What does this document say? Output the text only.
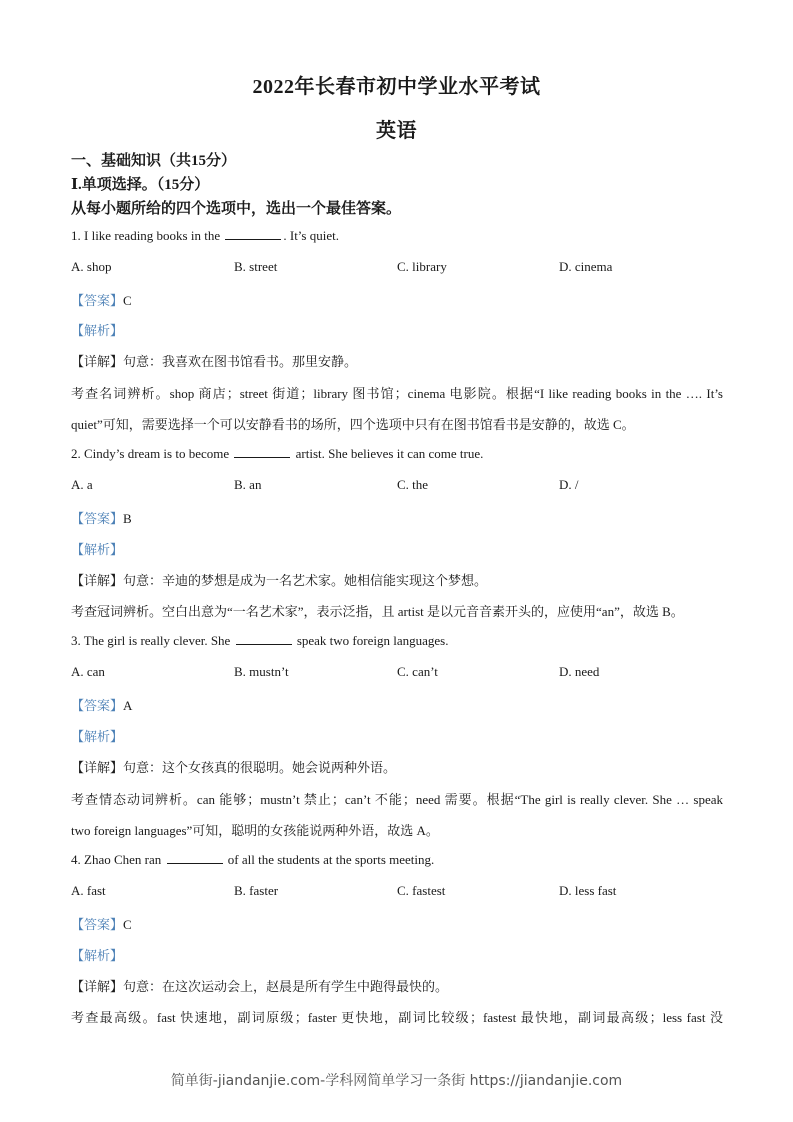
2022年长春市初中学业水平考试
英语
一、基础知识（共15分）
Ⅰ.单项选择。（15分）
从每小题所给的四个选项中，选出一个最佳答案。
1. I like reading books in the	. It’s quiet.
A. shop	B. street	C. library	D. cinema
【答案】C
【解析】
【详解】句意：我喜欢在图书馆看书。那里安静。
考查名词辨析。shop 商店；street 街道；library 图书馆；cinema 电影院。根据“I like reading books in the …. It’s
quiet”可知，需要选择一个可以安静看书的场所，四个选项中只有在图书馆看书是安静的，故选 C。
2. Cindy’s dream is to become	artist. She believes it can come true.
A. a	B. an	C. the	D. /
【答案】B
【解析】
【详解】句意：辛迪的梦想是成为一名艺术家。她相信能实现这个梦想。
考查冠词辨析。空白出意为“一名艺术家”，表示泛指，且 artist 是以元音音素开头的，应使用“an”，故选 B。
3. The girl is really clever. She	speak two foreign languages.
A. can	B. mustn’t	C. can’t	D. need
【答案】A
【解析】
【详解】句意：这个女孩真的很聪明。她会说两种外语。
考查情态动词辨析。can 能够；mustn’t 禁止；can’t 不能；need 需要。根据“The girl is really clever. She … speak
two foreign languages”可知，聪明的女孩能说两种外语，故选 A。
4. Zhao Chen ran	of all the students at the sports meeting.
A. fast	B. faster	C. fastest	D. less fast
【答案】C
【解析】
【详解】句意：在这次运动会上，赵晨是所有学生中跑得最快的。
考查最高级。fast 快速地，副词原级；faster 更快地，副词比较级；fastest 最快地，副词最高级；less fast 没
简单街-jiandanjie.com-学科网简单学习一条街 https://jiandanjie.com
